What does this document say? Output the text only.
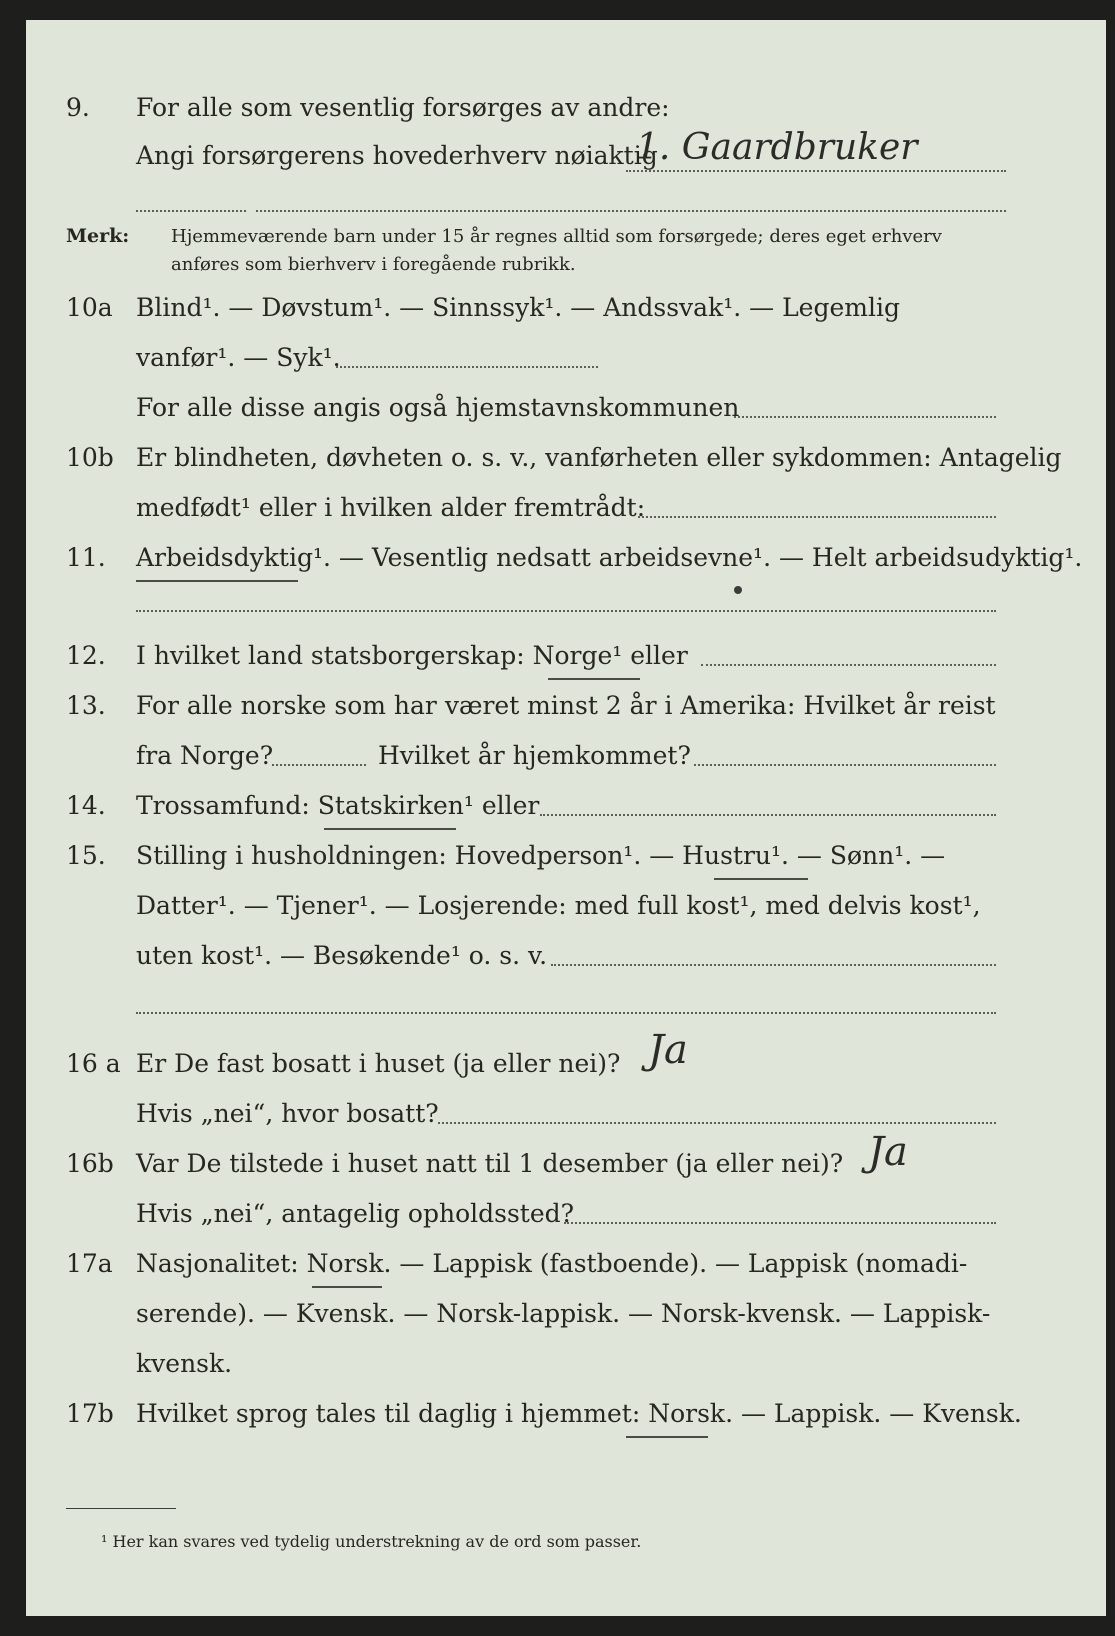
9. For alle som vesentlig forsørges av andre:
Angi forsørgerens hovederhverv nøiaktig
1. Gaardbruker
Merk: Hjemmeværende barn under 15 år regnes alltid som forsørgede; deres eget erhverv
anføres som bierhverv i foregående rubrikk.
10a Blind¹. — Døvstum¹. — Sinnssyk¹. — Andssvak¹. — Legemlig
vanfør¹. — Syk¹.
For alle disse angis også hjemstavnskommunen
10b Er blindheten, døvheten o. s. v., vanførheten eller sykdommen: Antagelig
medfødt¹ eller i hvilken alder fremtrådt:
11. Arbeidsdyktig¹. — Vesentlig nedsatt arbeidsevne¹. — Helt arbeidsudyktig¹.
12. I hvilket land statsborgerskap: Norge¹ eller
13. For alle norske som har været minst 2 år i Amerika: Hvilket år reist
fra Norge?	Hvilket år hjemkommet?
14. Trossamfund: Statskirken¹ eller
15. Stilling i husholdningen: Hovedperson¹. — Hustru¹. — Sønn¹. —
Datter¹. — Tjener¹. — Losjerende: med full kost¹, med delvis kost¹,
uten kost¹. — Besøkende¹ o. s. v.
16 a Er De fast bosatt i huset (ja eller nei)? Ja
Hvis „nei“, hvor bosatt?
16b Var De tilstede i huset natt til 1 desember (ja eller nei)? Ja
Hvis „nei“, antagelig opholdssted?
17a Nasjonalitet: Norsk. — Lappisk (fastboende). — Lappisk (nomadi-
serende). — Kvensk. — Norsk-lappisk. — Norsk-kvensk. — Lappisk-
kvensk.
17b Hvilket sprog tales til daglig i hjemmet: Norsk. — Lappisk. — Kvensk.
¹ Her kan svares ved tydelig understrekning av de ord som passer.
